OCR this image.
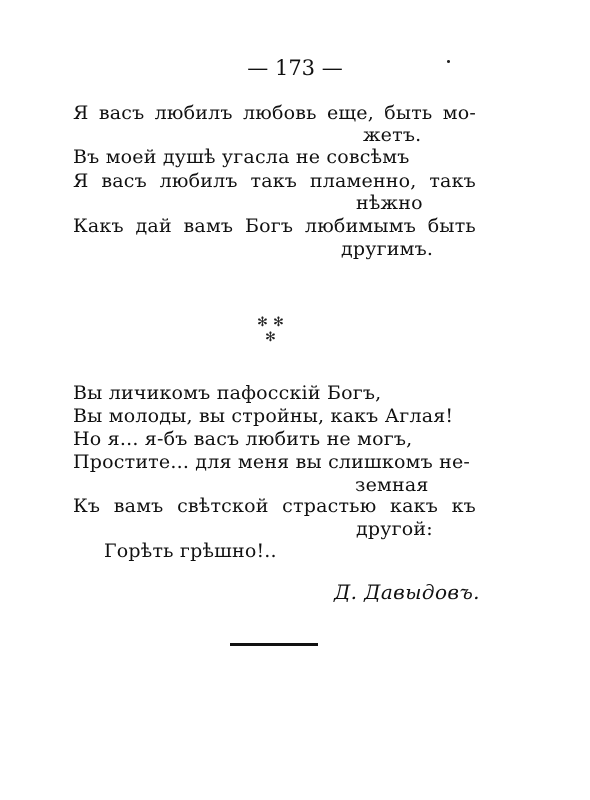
— 173 —
Я васъ любилъ любовь еще, быть мо-
жетъ.
Въ моей душѣ угасла не совсѣмъ
Я васъ любилъ такъ пламенно, такъ
нѣжно
Какъ дай вамъ Богъ любимымъ быть
другимъ.
✻ ✻
✻
Вы личикомъ пафосскій Богъ,
Вы молоды, вы стройны, какъ Аглая!
Но я... я-бъ васъ любить не могъ,
Простите... для меня вы слишкомъ не-
земная
Къ вамъ свѣтской страстью какъ къ
другой:
Горѣть грѣшно!..
Д. Давыдовъ.
